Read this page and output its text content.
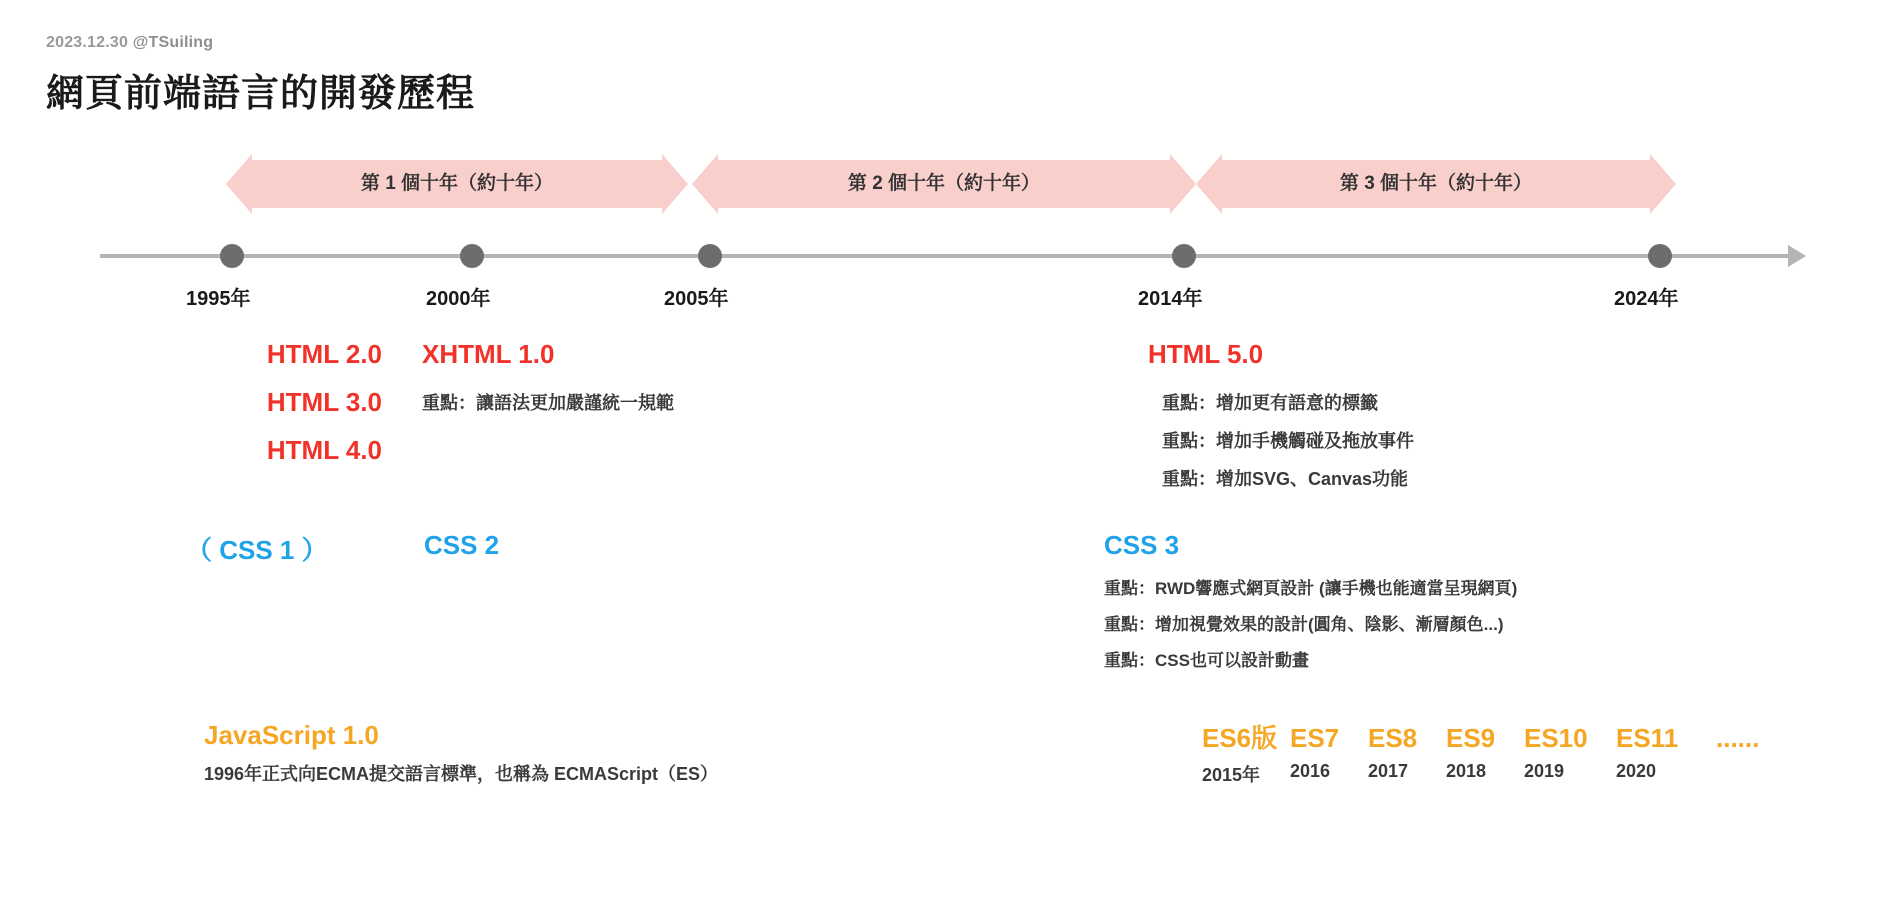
2023.12.30 @TSuiling
網頁前端語言的開發歷程
第 1 個十年（約十年）	第 2 個十年（約十年）	第 3 個十年（約十年）
1995年	2000年	2005年	2014年	2024年
HTML 2.0
HTML 3.0
HTML 4.0
XHTML 1.0
重點：讓語法更加嚴謹統一規範
HTML 5.0
重點：增加更有語意的標籤
重點：增加手機觸碰及拖放事件
重點：增加SVG、Canvas功能
（ CSS 1 ）	CSS 2	CSS 3
重點：RWD響應式網頁設計 (讓手機也能適當呈現網頁)
重點：增加視覺效果的設計(圓角、陰影、漸層顏色...)
重點：CSS也可以設計動畫
JavaScript 1.0
1996年正式向ECMA提交語言標準，也稱為 ECMAScript（ES）
ES6版 ES7	ES8	ES9	ES10	ES11	......
2015年	2016	2017	2018	2019	2020
